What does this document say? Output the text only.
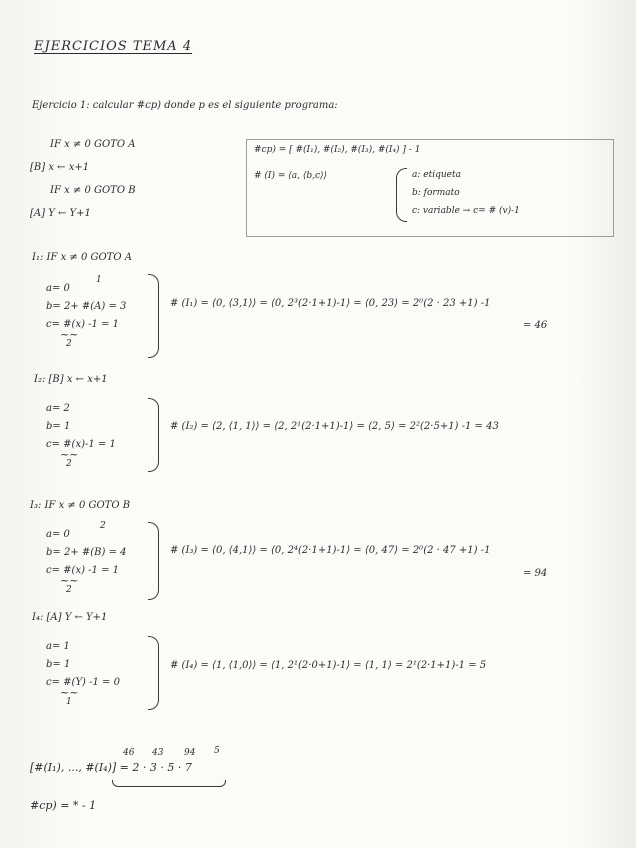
EJERCICIOS TEMA 4
Ejercicio 1: calcular #cp) donde p es el siguiente programa:
IF x ≠ 0 GOTO A
[B] x ← x+1
IF x ≠ 0 GOTO B
[A] Y ← Y+1
#cp) = [ #(I₁), #(I₂), #(I₃), #(I₄) ] - 1
# (I) = ⟨a, ⟨b,c⟩⟩	a: etiqueta
b: formato
c: variable → c= # (v)-1
I₁: IF x ≠ 0 GOTO A
1
a= 0
b= 2+ #(A) = 3
c= #(x) -1 = 1
~~
2
# (I₁) = ⟨0, ⟨3,1⟩⟩ = ⟨0, 2³(2·1+1)-1⟩ = ⟨0, 23⟩ = 2⁰(2 · 23 +1) -1
= 46
I₂: [B] x ← x+1
a= 2
b= 1
c= #(x)-1 = 1
~~
2
# (I₂) = ⟨2, ⟨1, 1⟩⟩ = ⟨2, 2¹(2·1+1)-1⟩ = ⟨2, 5⟩ = 2²(2·5+1) -1 = 43
I₃: IF x ≠ 0 GOTO B
2
a= 0
b= 2+ #(B) = 4
c= #(x) -1 = 1
~~
2
# (I₃) = ⟨0, ⟨4,1⟩⟩ = ⟨0, 2⁴(2·1+1)-1⟩ = ⟨0, 47⟩ = 2⁰(2 · 47 +1) -1
= 94
I₄: [A] Y ← Y+1
a= 1
b= 1
c= #(Y) -1 = 0
~~
1
# (I₄) = ⟨1, ⟨1,0⟩⟩ = ⟨1, 2¹(2·0+1)-1⟩ = ⟨1, 1⟩ = 2¹(2·1+1)-1 = 5
46 43 94 5
[#(I₁), ..., #(I₄)] = 2 · 3 · 5 · 7
#cp) = * - 1
